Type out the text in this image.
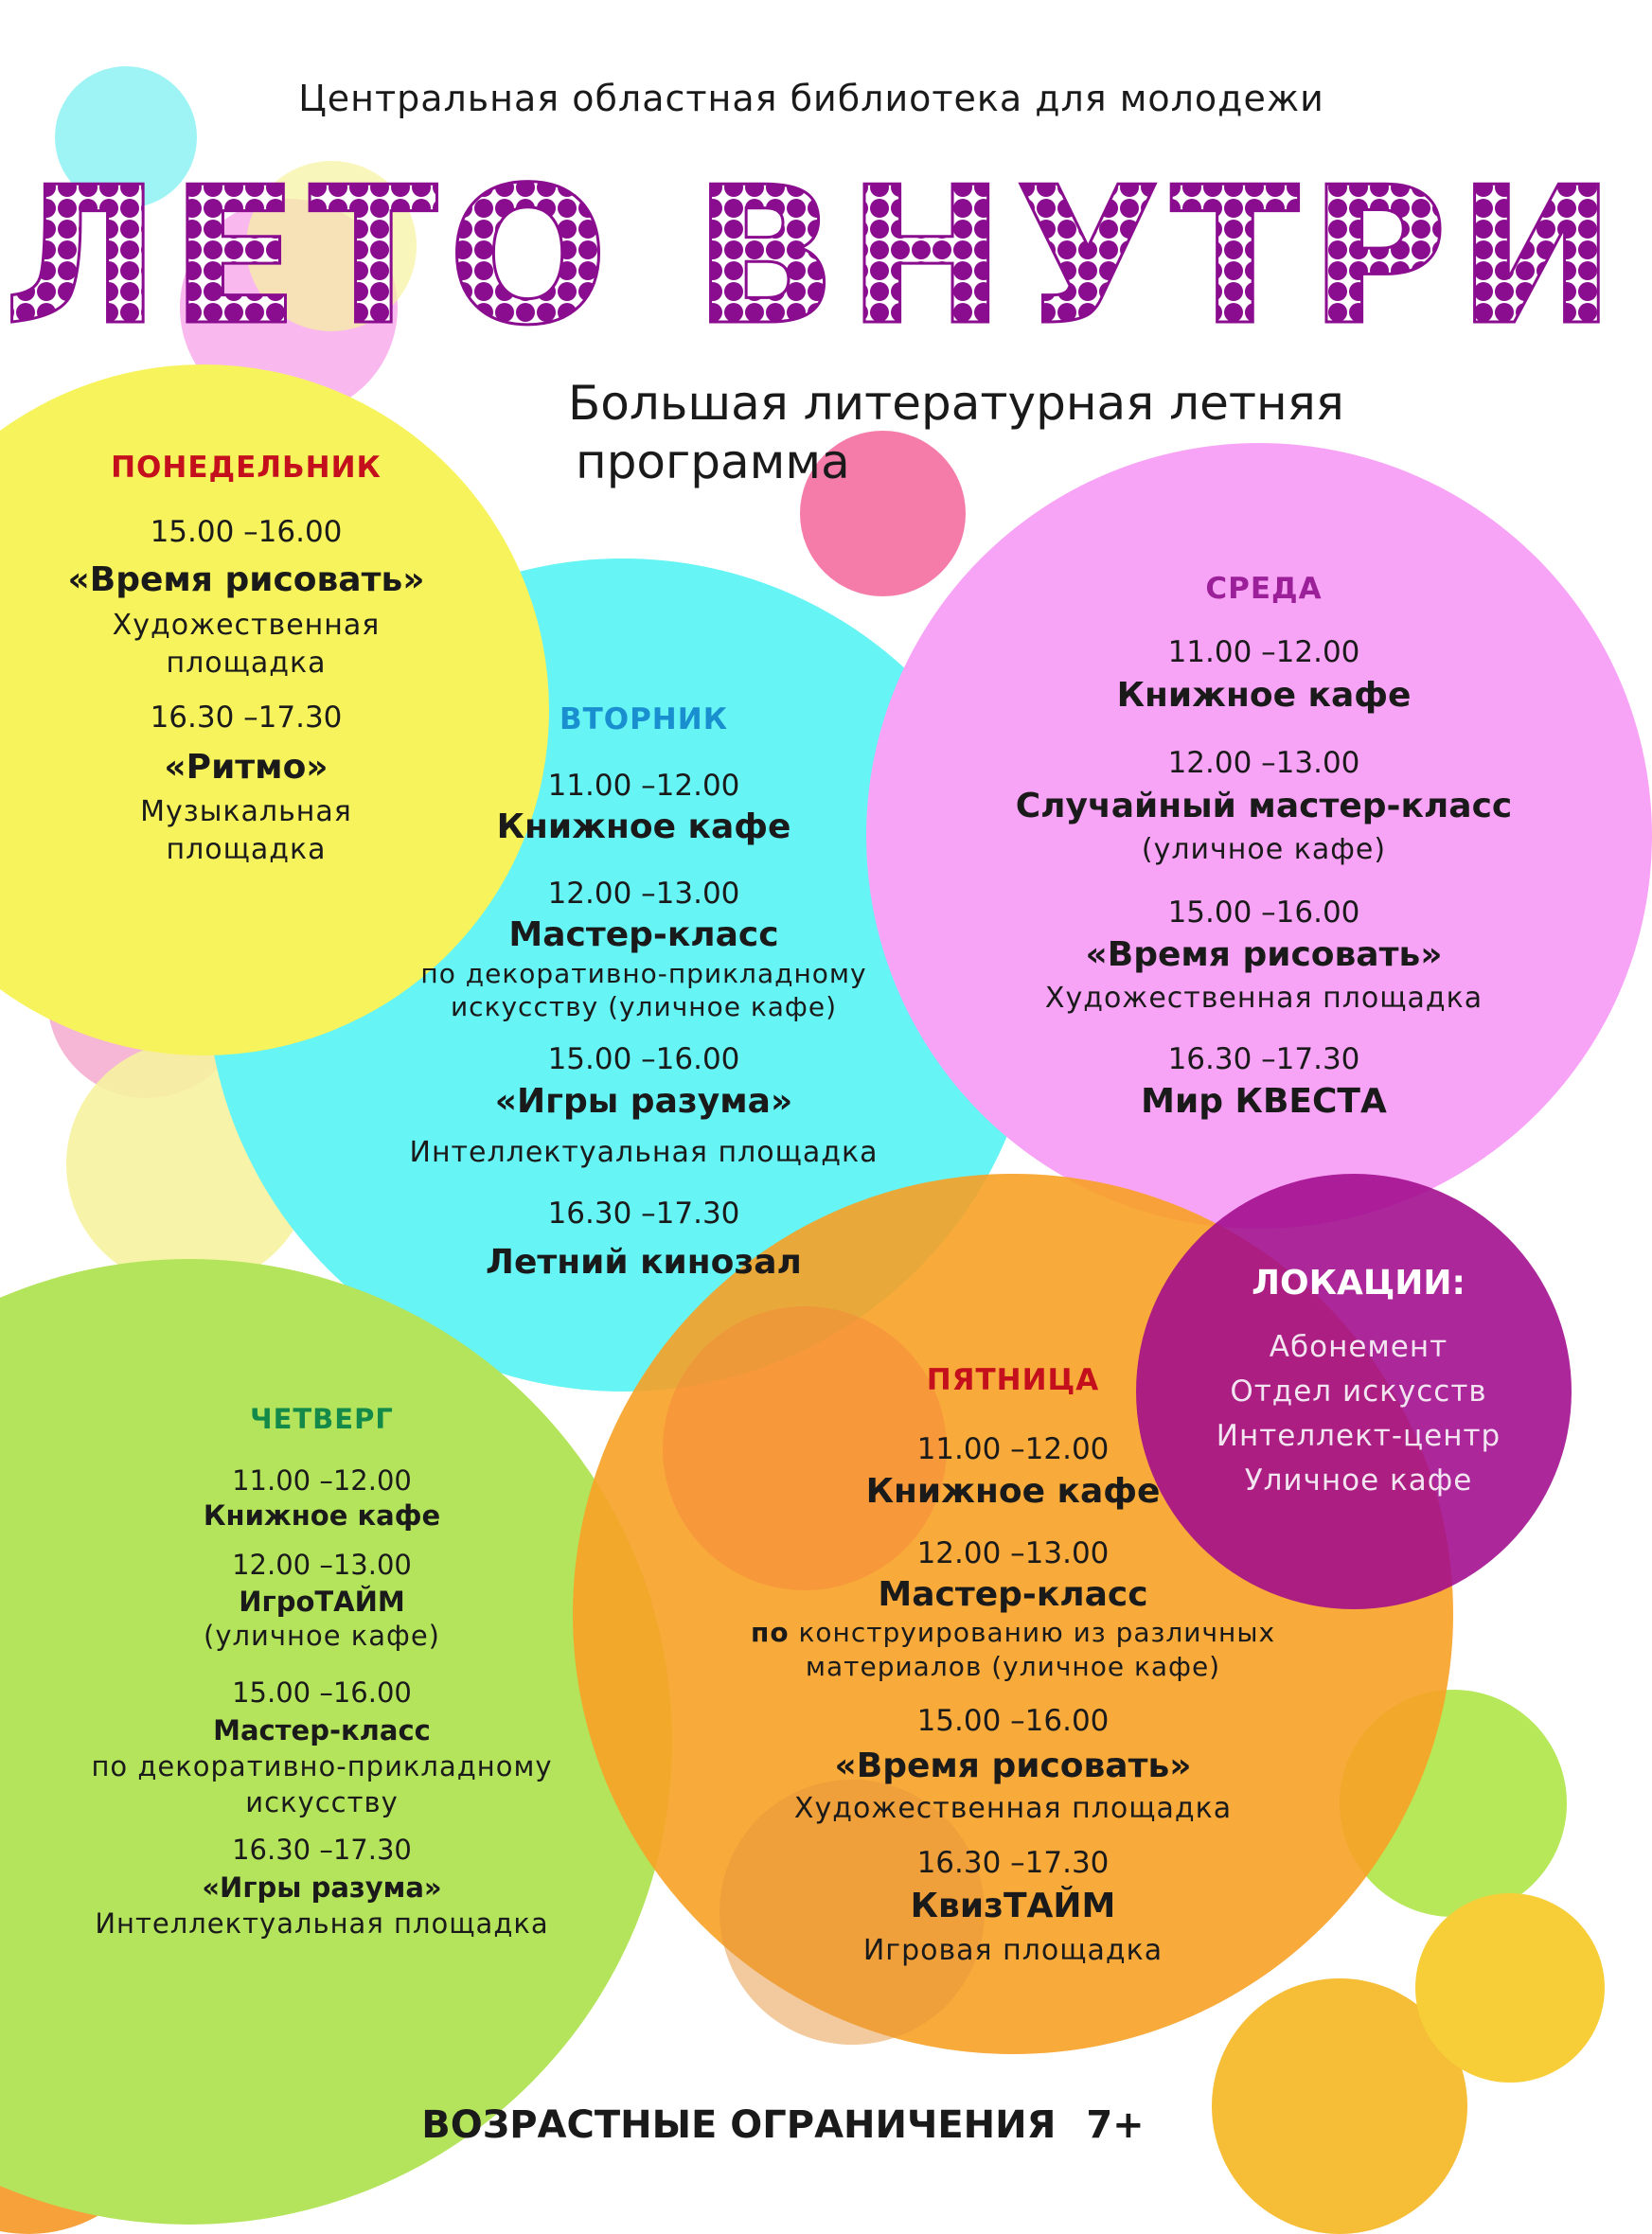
Центральная областная библиотека для молодежи
ЛЕТО ВНУТРИ
Большая литературная летняя
программа
ПОНЕДЕЛЬНИК
15.00 –16.00
«Время рисовать»
Художественная
площадка
16.30 –17.30
«Ритмо»
Музыкальная
площадка
ВТОРНИК
11.00 –12.00
Книжное кафе
12.00 –13.00
Мастер-класс
по декоративно-прикладному
искусству (уличное кафе)
15.00 –16.00
«Игры разума»
Интеллектуальная площадка
16.30 –17.30
Летний кинозал
СРЕДА
11.00 –12.00
Книжное кафе
12.00 –13.00
Случайный мастер-класс
(уличное кафе)
15.00 –16.00
«Время рисовать»
Художественная площадка
16.30 –17.30
Мир КВЕСТА
ЧЕТВЕРГ
11.00 –12.00
Книжное кафе
12.00 –13.00
ИгроТАЙМ
(уличное кафе)
15.00 –16.00
Мастер-класс
по декоративно-прикладному
искусству
16.30 –17.30
«Игры разума»
Интеллектуальная площадка
ПЯТНИЦА
11.00 –12.00
Книжное кафе
12.00 –13.00
Мастер-класс
по конструированию из различных
материалов (уличное кафе)
15.00 –16.00
«Время рисовать»
Художественная площадка
16.30 –17.30
КвизТАЙМ
Игровая площадка
ЛОКАЦИИ:
Абонемент
Отдел искусств
Интеллект-центр
Уличное кафе
ВОЗРАСТНЫЕ ОГРАНИЧЕНИЯ 7+
